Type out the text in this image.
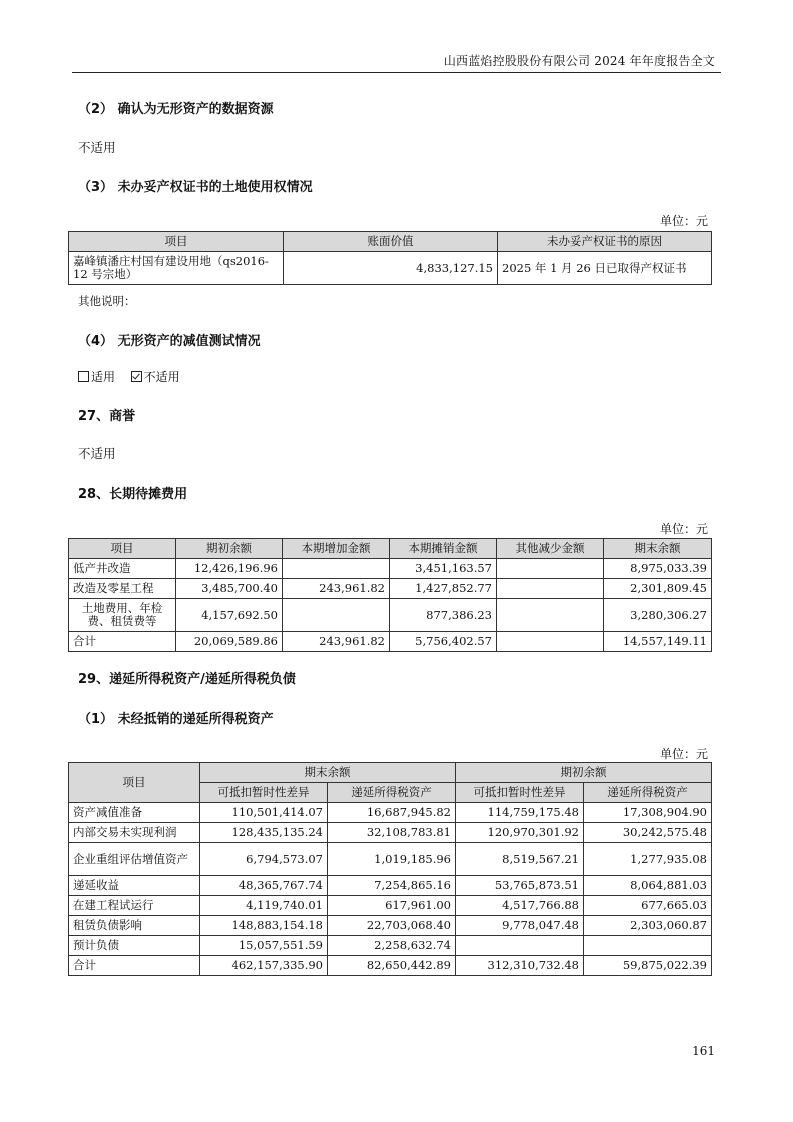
山西蓝焰控股股份有限公司 2024 年年度报告全文
（2） 确认为无形资产的数据资源
不适用
（3） 未办妥产权证书的土地使用权情况
单位：元
项目	账面价值	未办妥产权证书的原因
嘉峰镇潘庄村国有建设用地（qs2016-12 号宗地）	4,833,127.15	2025 年 1 月 26 日已取得产权证书
其他说明：
（4） 无形资产的减值测试情况
适用 不适用
27、商誉
不适用
28、长期待摊费用
单位：元
项目	期初余额	本期增加金额	本期摊销金额	其他减少金额	期末余额
低产井改造	12,426,196.96		3,451,163.57		8,975,033.39
改造及零星工程	3,485,700.40	243,961.82	1,427,852.77		2,301,809.45
土地费用、年检费、租赁费等	4,157,692.50		877,386.23		3,280,306.27
合计	20,069,589.86	243,961.82	5,756,402.57		14,557,149.11
29、递延所得税资产/递延所得税负债
（1） 未经抵销的递延所得税资产
单位：元
项目	期末余额		期初余额	
	可抵扣暂时性差异	递延所得税资产	可抵扣暂时性差异	递延所得税资产
资产减值准备	110,501,414.07	16,687,945.82	114,759,175.48	17,308,904.90
内部交易未实现利润	128,435,135.24	32,108,783.81	120,970,301.92	30,242,575.48
企业重组评估增值资产	6,794,573.07	1,019,185.96	8,519,567.21	1,277,935.08
递延收益	48,365,767.74	7,254,865.16	53,765,873.51	8,064,881.03
在建工程试运行	4,119,740.01	617,961.00	4,517,766.88	677,665.03
租赁负债影响	148,883,154.18	22,703,068.40	9,778,047.48	2,303,060.87
预计负债	15,057,551.59	2,258,632.74		
合计	462,157,335.90	82,650,442.89	312,310,732.48	59,875,022.39
161
